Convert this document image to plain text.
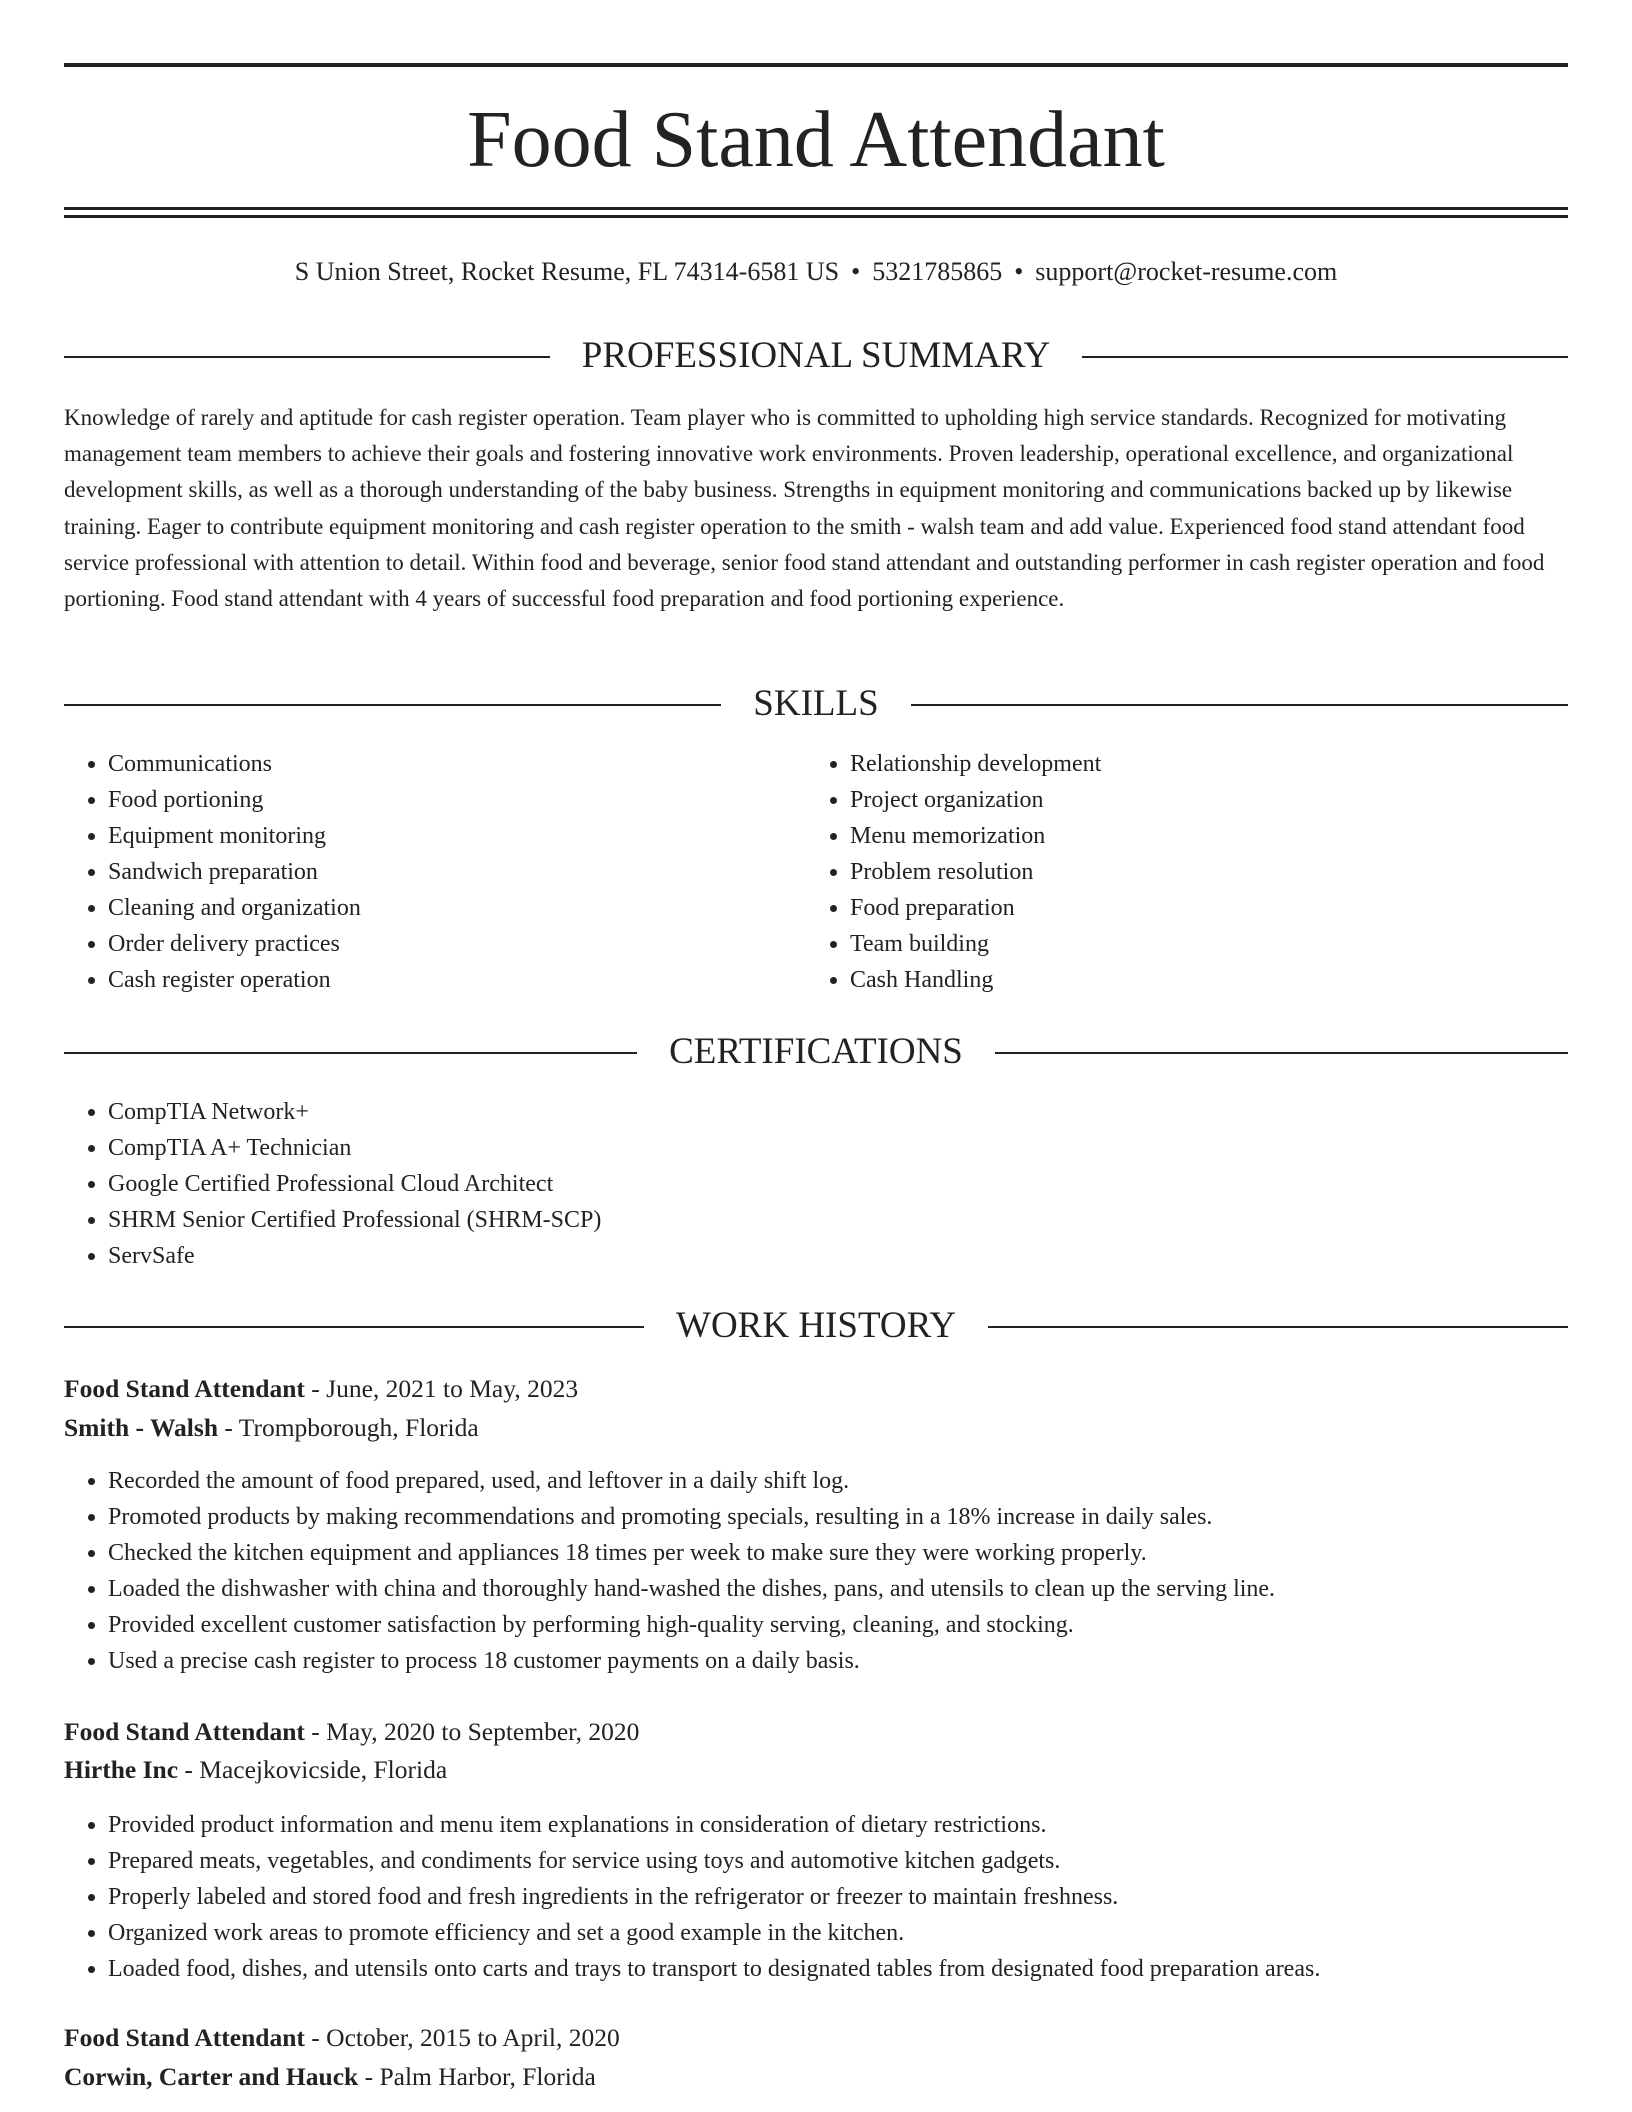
Food Stand Attendant
S Union Street, Rocket Resume, FL 74314-6581 US • 5321785865 • support@rocket-resume.com
PROFESSIONAL SUMMARY

Knowledge of rarely and aptitude for cash register operation. Team player who is committed to upholding high service standards. Recognized for motivating management team members to achieve their goals and fostering innovative work environments. Proven leadership, operational excellence, and organizational development skills, as well as a thorough understanding of the baby business. Strengths in equipment monitoring and communications backed up by likewise training. Eager to contribute equipment monitoring and cash register operation to the smith - walsh team and add value. Experienced food stand attendant food service professional with attention to detail. Within food and beverage, senior food stand attendant and outstanding performer in cash register operation and food portioning. Food stand attendant with 4 years of successful food preparation and food portioning experience.

SKILLS
• Communications
• Food portioning
• Equipment monitoring
• Sandwich preparation
• Cleaning and organization
• Order delivery practices
• Cash register operation
• Relationship development
• Project organization
• Menu memorization
• Problem resolution
• Food preparation
• Team building
• Cash Handling
CERTIFICATIONS
• CompTIA Network+
• CompTIA A+ Technician
• Google Certified Professional Cloud Architect
• SHRM Senior Certified Professional (SHRM-SCP)
• ServSafe
WORK HISTORY
Food Stand Attendant - June, 2021 to May, 2023
Smith - Walsh - Trompborough, Florida
• Recorded the amount of food prepared, used, and leftover in a daily shift log.
• Promoted products by making recommendations and promoting specials, resulting in a 18% increase in daily sales.
• Checked the kitchen equipment and appliances 18 times per week to make sure they were working properly.
• Loaded the dishwasher with china and thoroughly hand-washed the dishes, pans, and utensils to clean up the serving line.
• Provided excellent customer satisfaction by performing high-quality serving, cleaning, and stocking.
• Used a precise cash register to process 18 customer payments on a daily basis.
Food Stand Attendant - May, 2020 to September, 2020
Hirthe Inc - Macejkovicside, Florida
• Provided product information and menu item explanations in consideration of dietary restrictions.
• Prepared meats, vegetables, and condiments for service using toys and automotive kitchen gadgets.
• Properly labeled and stored food and fresh ingredients in the refrigerator or freezer to maintain freshness.
• Organized work areas to promote efficiency and set a good example in the kitchen.
• Loaded food, dishes, and utensils onto carts and trays to transport to designated tables from designated food preparation areas.
Food Stand Attendant - October, 2015 to April, 2020
Corwin, Carter and Hauck - Palm Harbor, Florida
